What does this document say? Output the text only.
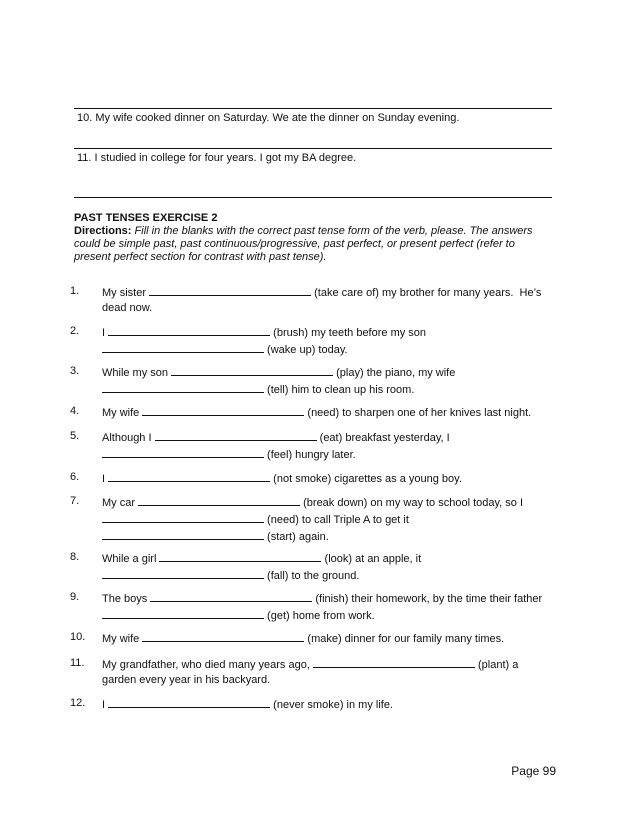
10. My wife cooked dinner on Saturday. We ate the dinner on Sunday evening.
11. I studied in college for four years. I got my BA degree.
PAST TENSES EXERCISE 2
Directions: Fill in the blanks with the correct past tense form of the verb, please. The answers could be simple past, past continuous/progressive, past perfect, or present perfect (refer to present perfect section for contrast with past tense).
1. My sister	(take care of) my brother for many years.  He’s
dead now.
2. I	(brush) my teeth before my son
(wake up) today.
3. While my son	(play) the piano, my wife
(tell) him to clean up his room.
4. My wife	(need) to sharpen one of her knives last night.
5. Although I	(eat) breakfast yesterday, I
(feel) hungry later.
6. I	(not smoke) cigarettes as a young boy.
7. My car	(break down) on my way to school today, so I
(need) to call Triple A to get it
(start) again.
8. While a girl	(look) at an apple, it
(fall) to the ground.
9. The boys	(finish) their homework, by the time their father
(get) home from work.
10. My wife	(make) dinner for our family many times.
11. My grandfather, who died many years ago,	(plant) a
garden every year in his backyard.
12. I	(never smoke) in my life.
Page 99
